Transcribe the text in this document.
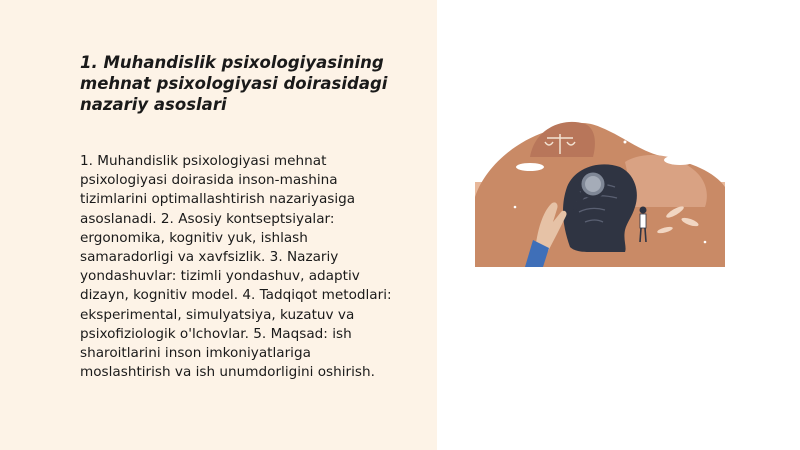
1. Muhandislik psixologiyasining mehnat psixologiyasi doirasidagi nazariy asoslari

1. Muhandislik psixologiyasi mehnat psixologiyasi doirasida inson-mashina tizimlarini optimallashtirish nazariyasiga asoslanadi. 2. Asosiy kontseptsiyalar: ergonomika, kognitiv yuk, ishlash samaradorligi va xavfsizlik. 3. Nazariy yondashuvlar: tizimli yondashuv, adaptiv dizayn, kognitiv model. 4. Tadqiqot metodlari: eksperimental, simulyatsiya, kuzatuv va psixofiziologik o'lchovlar. 5. Maqsad: ish sharoitlarini inson imkoniyatlariga moslashtirish va ish unumdorligini oshirish.
